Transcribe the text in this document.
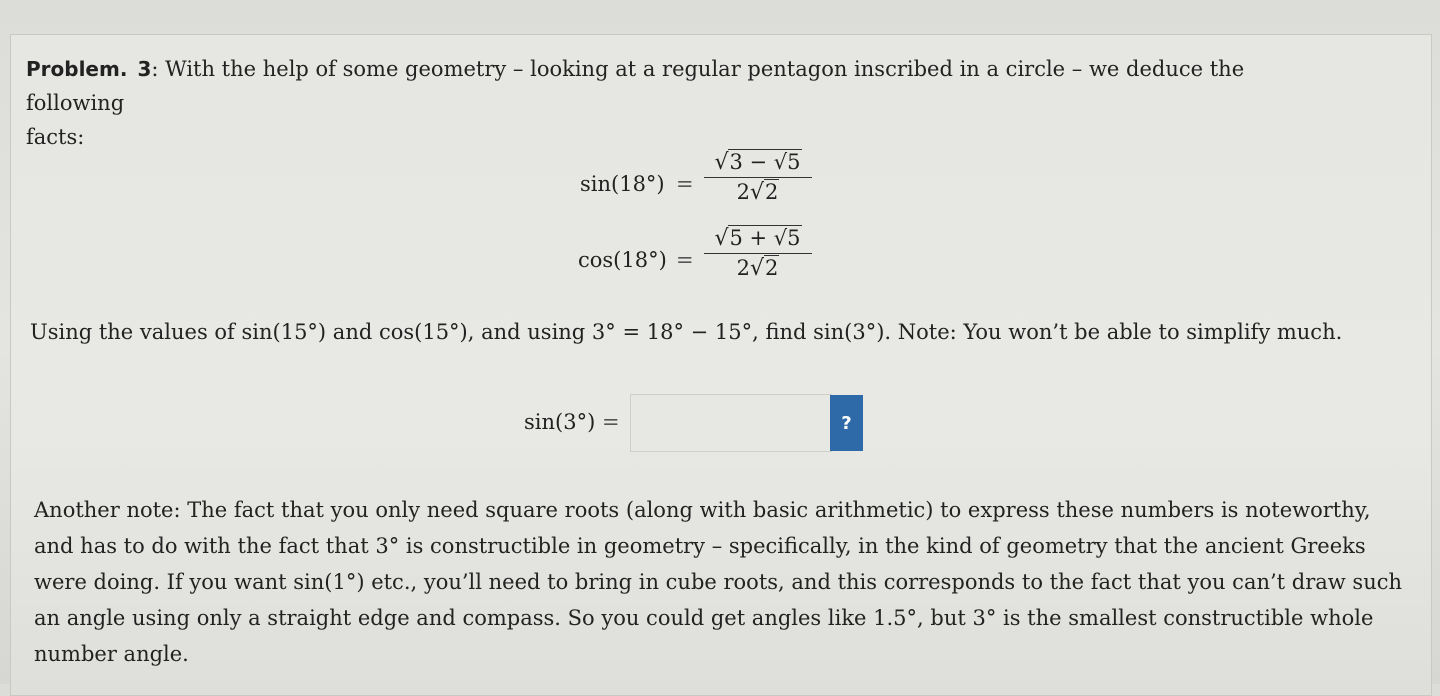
Problem. 3: With the help of some geometry – looking at a regular pentagon inscribed in a circle – we deduce the following
facts:
$\sin(18^\circ) = \frac{√3 - √5}{2√2}$
$\cos(18^\circ) = \frac{√5 + √5}{2√2}$
Using the values of sin(15°) and cos(15°), and using 3° = 18° − 15°, find sin(3°). Note: You won’t be able to simplify much.
sin(3°) =	?

Another note: The fact that you only need square roots (along with basic arithmetic) to express these numbers is noteworthy,

and has to do with the fact that 3° is constructible in geometry – specifically, in the kind of geometry that the ancient Greeks

were doing. If you want sin(1°) etc., you’ll need to bring in cube roots, and this corresponds to the fact that you can’t draw such

an angle using only a straight edge and compass. So you could get angles like 1.5°, but 3° is the smallest constructible whole

number angle.
